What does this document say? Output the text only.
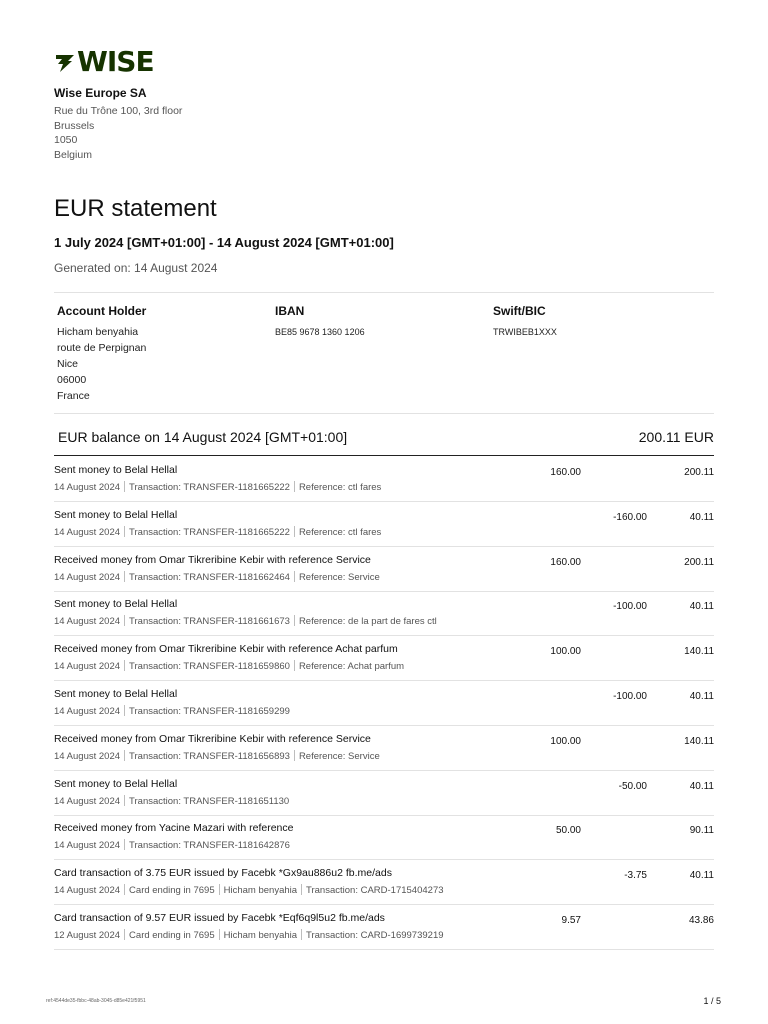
WISE
Wise Europe SA
Rue du Trône 100, 3rd floor
Brussels
1050
Belgium
EUR statement
1 July 2024 [GMT+01:00] - 14 August 2024 [GMT+01:00]
Generated on: 14 August 2024
Account Holder
Hicham benyahia
route de Perpignan
Nice
06000
France
IBAN
BE85 9678 1360 1206
Swift/BIC
TRWIBEB1XXX
EUR balance on 14 August 2024 [GMT+01:00]	200.11 EUR
Sent money to Belal Hellal
14 August 2024 Transaction: TRANSFER-1181665222 Reference: ctl fares
160.00	200.11
Sent money to Belal Hellal
14 August 2024 Transaction: TRANSFER-1181665222 Reference: ctl fares
-160.00	40.11
Received money from Omar Tikreribine Kebir with reference Service
14 August 2024 Transaction: TRANSFER-1181662464 Reference: Service
160.00	200.11
Sent money to Belal Hellal
14 August 2024 Transaction: TRANSFER-1181661673 Reference: de la part de fares ctl
-100.00	40.11
Received money from Omar Tikreribine Kebir with reference Achat parfum
14 August 2024 Transaction: TRANSFER-1181659860 Reference: Achat parfum
100.00	140.11
Sent money to Belal Hellal
14 August 2024 Transaction: TRANSFER-1181659299
-100.00	40.11
Received money from Omar Tikreribine Kebir with reference Service
14 August 2024 Transaction: TRANSFER-1181656893 Reference: Service
100.00	140.11
Sent money to Belal Hellal
14 August 2024 Transaction: TRANSFER-1181651130
-50.00	40.11
Received money from Yacine Mazari with reference
14 August 2024 Transaction: TRANSFER-1181642876
50.00	90.11
Card transaction of 3.75 EUR issued by Facebk *Gx9au886u2 fb.me/ads
14 August 2024 Card ending in 7695 Hicham benyahia Transaction: CARD-1715404273
-3.75	40.11
Card transaction of 9.57 EUR issued by Facebk *Eqf6q9l5u2 fb.me/ads
12 August 2024 Card ending in 7695 Hicham benyahia Transaction: CARD-1699739219
9.57	43.86
ref:4544de35-fbbc-48ab-3045-d85e421f5951	1 / 5
